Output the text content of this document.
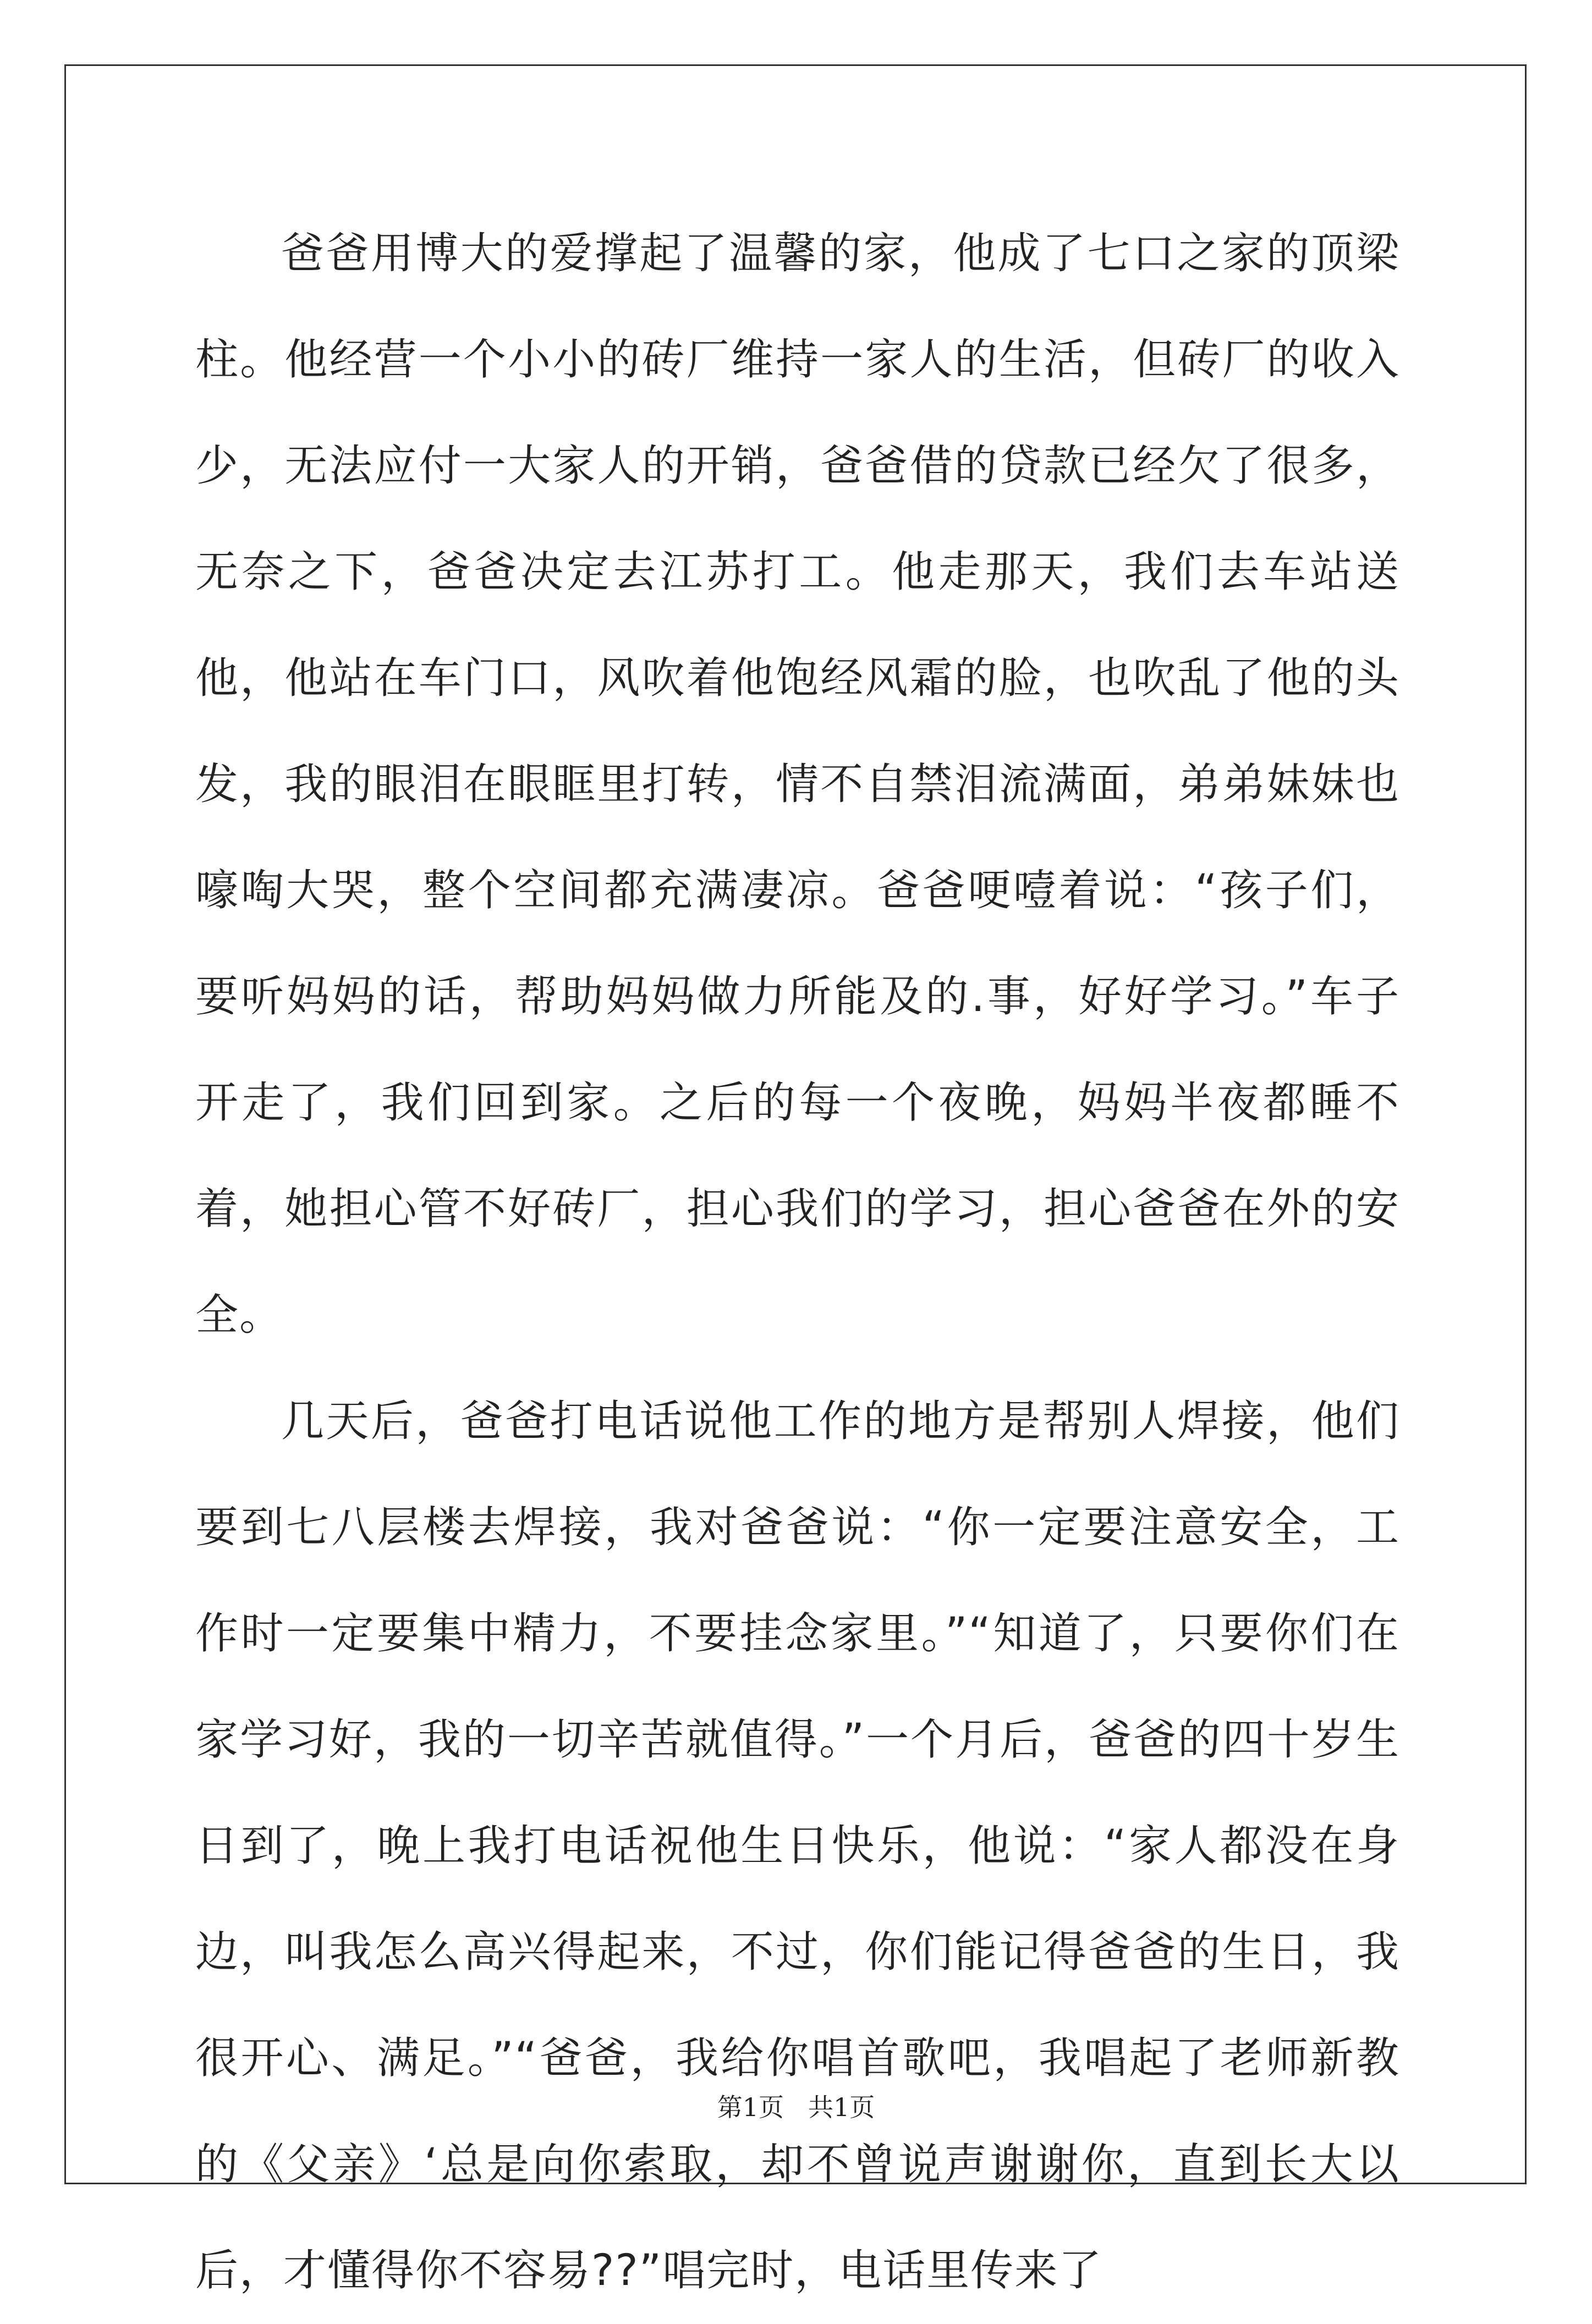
爸爸用博大的爱撑起了温馨的家，他成了七口之家的顶梁柱。他经营一个小小的砖厂维持一家人的生活，但砖厂的收入少，无法应付一大家人的开销，爸爸借的贷款已经欠了很多，无奈之下，爸爸决定去江苏打工。他走那天，我们去车站送他，他站在车门口，风吹着他饱经风霜的脸，也吹乱了他的头发，我的眼泪在眼眶里打转，情不自禁泪流满面，弟弟妹妹也嚎啕大哭，整个空间都充满凄凉。爸爸哽噎着说：“孩子们，要听妈妈的话，帮助妈妈做力所能及的.事，好好学习。”车子开走了，我们回到家。之后的每一个夜晚，妈妈半夜都睡不着，她担心管不好砖厂，担心我们的学习，担心爸爸在外的安全。

几天后，爸爸打电话说他工作的地方是帮别人焊接，他们要到七八层楼去焊接，我对爸爸说：“你一定要注意安全，工作时一定要集中精力，不要挂念家里。”“知道了，只要你们在家学习好，我的一切辛苦就值得。”一个月后，爸爸的四十岁生日到了，晚上我打电话祝他生日快乐，他说：“家人都没在身边，叫我怎么高兴得起来，不过，你们能记得爸爸的生日，我很开心、满足。”“爸爸，我给你唱首歌吧，我唱起了老师新教的《父亲》‘总是向你索取，却不曾说声谢谢你，直到长大以后，才懂得你不容易??”唱完时，电话里传来了

第1页 共1页
